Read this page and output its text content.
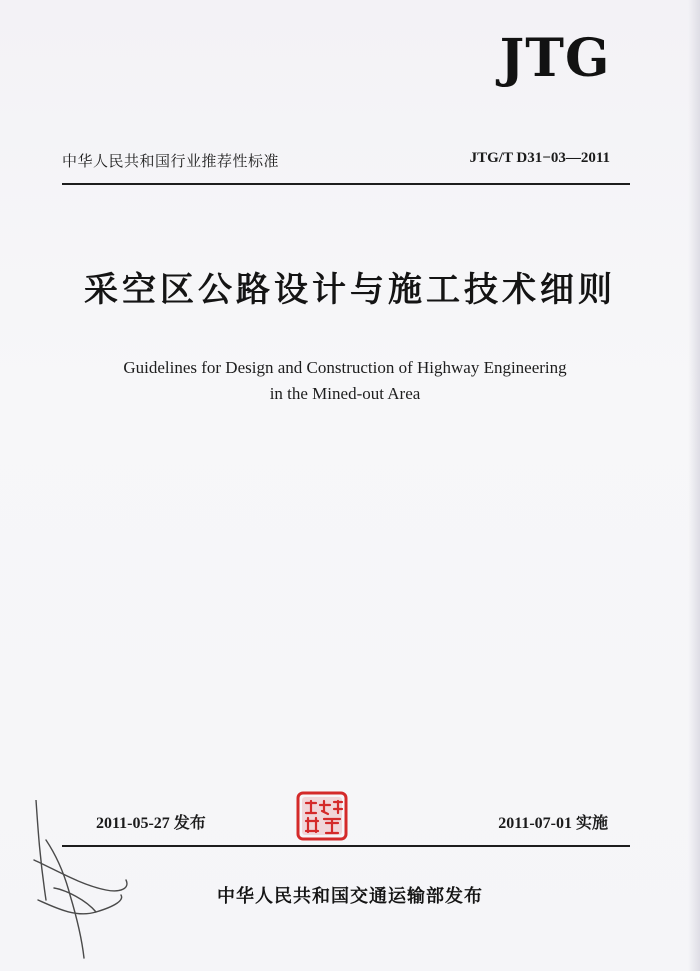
JTG
中华人民共和国行业推荐性标准	JTG/T D31−03—2011
采空区公路设计与施工技术细则
Guidelines for Design and Construction of Highway Engineering
in the Mined-out Area
2011-05-27 发布	2011-07-01 实施
中华人民共和国交通运输部发布
